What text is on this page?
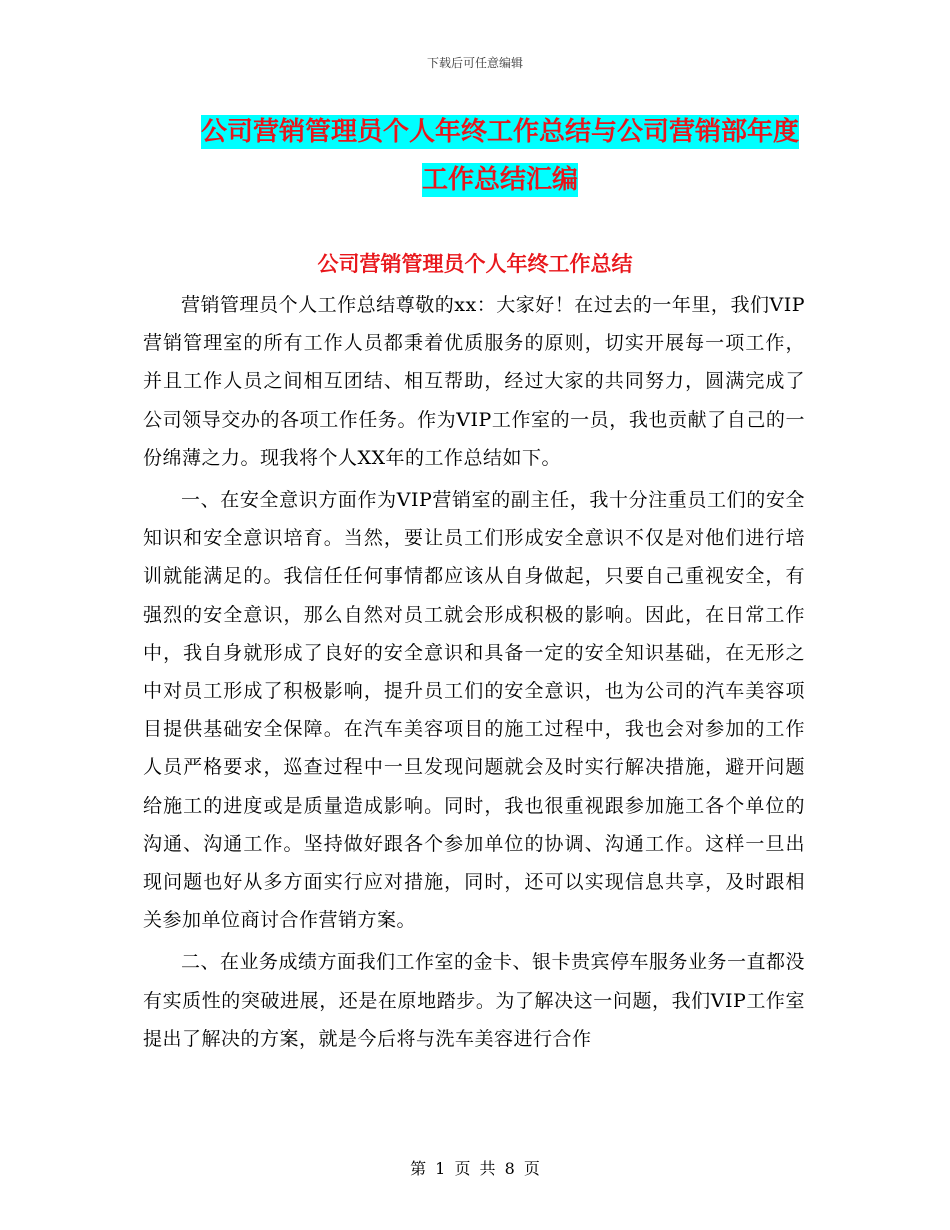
下载后可任意编辑
公司营销管理员个人年终工作总结与公司营销部年度
工作总结汇编
公司营销管理员个人年终工作总结

营销管理员个人工作总结尊敬的xx：大家好！在过去的一年里，我们VIP营销管理室的所有工作人员都秉着优质服务的原则，切实开展每一项工作，并且工作人员之间相互团结、相互帮助，经过大家的共同努力，圆满完成了公司领导交办的各项工作任务。作为VIP工作室的一员，我也贡献了自己的一份绵薄之力。现我将个人XX年的工作总结如下。

一、在安全意识方面作为VIP营销室的副主任，我十分注重员工们的安全知识和安全意识培育。当然，要让员工们形成安全意识不仅是对他们进行培训就能满足的。我信任任何事情都应该从自身做起，只要自己重视安全，有强烈的安全意识，那么自然对员工就会形成积极的影响。因此，在日常工作中，我自身就形成了良好的安全意识和具备一定的安全知识基础，在无形之中对员工形成了积极影响，提升员工们的安全意识，也为公司的汽车美容项目提供基础安全保障。在汽车美容项目的施工过程中，我也会对参加的工作人员严格要求，巡查过程中一旦发现问题就会及时实行解决措施，避开问题给施工的进度或是质量造成影响。同时，我也很重视跟参加施工各个单位的沟通、沟通工作。坚持做好跟各个参加单位的协调、沟通工作。这样一旦出现问题也好从多方面实行应对措施，同时，还可以实现信息共享，及时跟相关参加单位商讨合作营销方案。

二、在业务成绩方面我们工作室的金卡、银卡贵宾停车服务业务一直都没有实质性的突破进展，还是在原地踏步。为了解决这一问题，我们VIP工作室提出了解决的方案，就是今后将与洗车美容进行合作

第 1 页 共 8 页
